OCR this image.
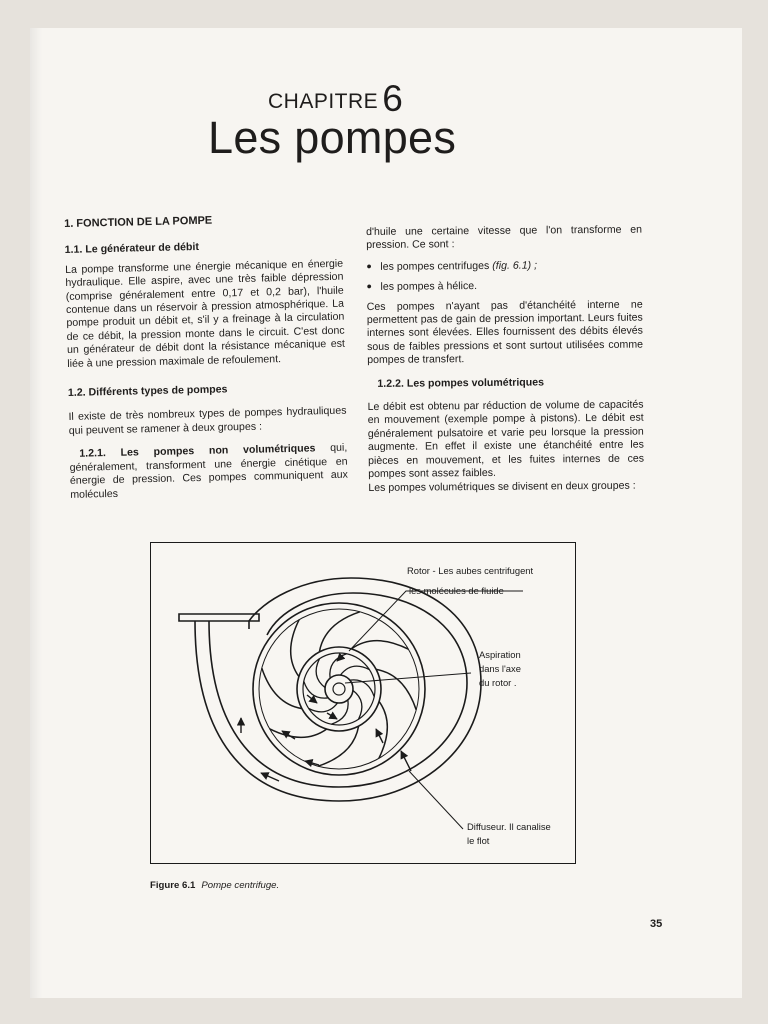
CHAPITRE 6
Les pompes
1. FONCTION DE LA POMPE
1.1. Le générateur de débit

La pompe transforme une énergie mécanique en énergie hydraulique. Elle aspire, avec une très faible dépression (comprise généralement entre 0,17 et 0,2 bar), l'huile contenue dans un réservoir à pression atmosphérique. La pompe produit un débit et, s'il y a freinage à la circulation de ce débit, la pression monte dans le circuit. C'est donc un générateur de débit dont la résistance mécanique est liée à une pression maximale de refoulement.

1.2. Différents types de pompes

Il existe de très nombreux types de pompes hydrauliques qui peuvent se ramener à deux groupes :

1.2.1. Les pompes non volumétriques qui, généralement, transforment une énergie cinétique en énergie de pression. Ces pompes communiquent aux molécules

d'huile une certaine vitesse que l'on transforme en pression. Ce sont :

● les pompes centrifuges (fig. 6.1) ;

● les pompes à hélice.

Ces pompes n'ayant pas d'étanchéité interne ne permettent pas de gain de pression important. Leurs fuites internes sont élevées. Elles fournissent des débits élevés sous de faibles pressions et sont surtout utilisées comme pompes de transfert.

1.2.2. Les pompes volumétriques

Le débit est obtenu par réduction de volume de capacités en mouvement (exemple pompe à pistons). Le débit est généralement pulsatoire et varie peu lorsque la pression augmente. En effet il existe une étanchéité entre les pièces en mouvement, et les fuites internes de ces pompes sont assez faibles.

Les pompes volumétriques se divisent en deux groupes :

Rotor - Les aubes centrifugent
les molécules de fluide
Aspiration
dans l'axe
du rotor .
Diffuseur. Il canalise
le flot
Figure 6.1 Pompe centrifuge.
35
